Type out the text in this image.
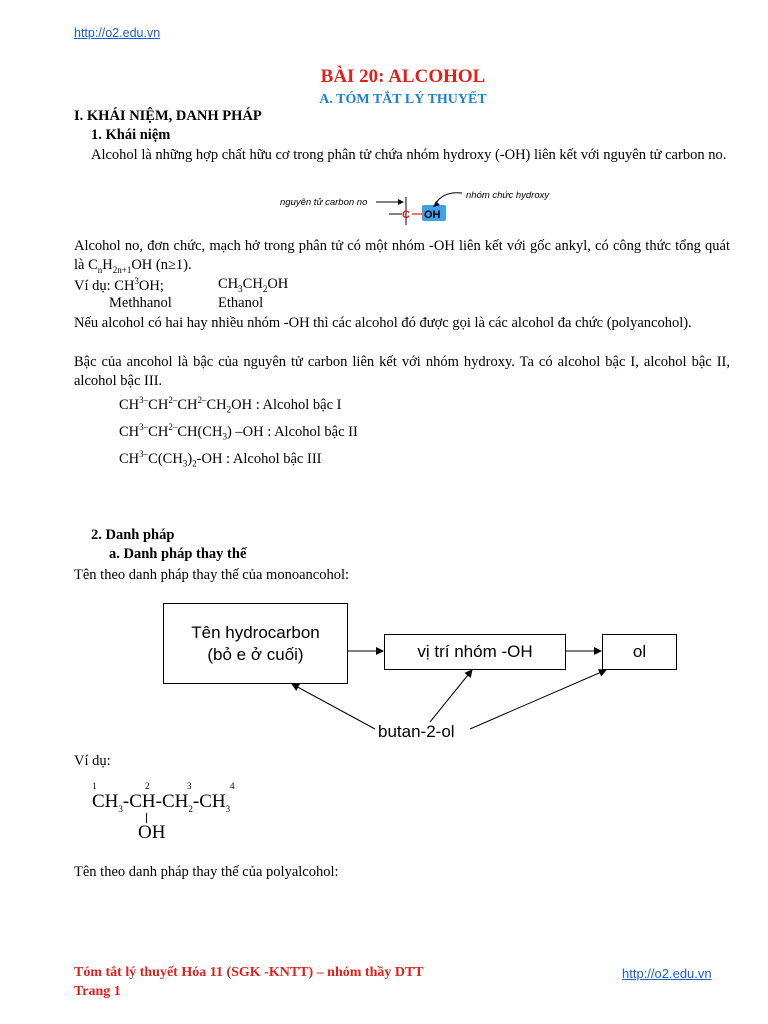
http://o2.edu.vn
BÀI 20: ALCOHOL
A. TÓM TẮT LÝ THUYẾT
I. KHÁI NIỆM, DANH PHÁP
1. Khái niệm
Alcohol là những hợp chất hữu cơ trong phân tử chứa nhóm hydroxy (-OH) liên kết với nguyên tử carbon no.
nguyên tử carbon no
C OH
nhóm chức hydroxy
Alcohol no, đơn chức, mạch hở trong phân tử có một nhóm -OH liên kết với gốc ankyl, có công thức tổng quát là $C_nH_{2n+1}OH$ (n≥1).
Ví dụ: $CH^3OH$;	$CH_3CH_2OH$
Methhanol	Ethanol
Nếu alcohol có hai hay nhiều nhóm -OH thì các alcohol đó được gọi là các alcohol đa chức (polyancohol).
Bậc của ancohol là bậc của nguyên tử carbon liên kết với nhóm hydroxy. Ta có alcohol bậc I, alcohol bậc II, alcohol bậc III.
$CH^{3-}CH^{2-}CH^{2-}CH_2OH$ : Alcohol bậc I
$CH^{3-}CH^{2-}CH(CH_3)$ –OH : Alcohol bậc II
$CH^{3-}C(CH_3)_2-OH$ : Alcohol bậc III
2. Danh pháp
a. Danh pháp thay thế
Tên theo danh pháp thay thế của monoancohol:
Tên hydrocarbon
(bỏ e ở cuối)	vị trí nhóm -OH	ol
butan-2-ol
Ví dụ:
1	2	3	4
$CH_3-CH-CH_2-CH_3$
OH
Tên theo danh pháp thay thế của polyalcohol:
Tóm tắt lý thuyết Hóa 11 (SGK -KNTT) – nhóm thầy DTT
Trang 1
http://o2.edu.vn
